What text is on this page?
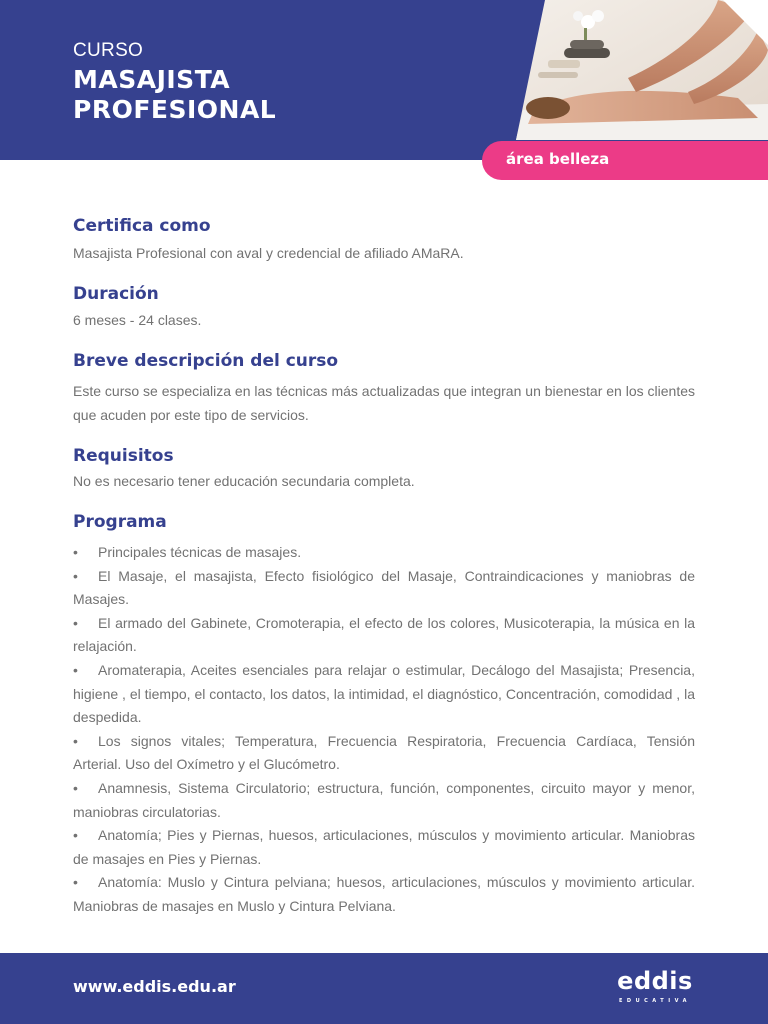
CURSO
MASAJISTA
PROFESIONAL
área belleza
Certifica como
Masajista Profesional con aval y credencial de afiliado AMaRA.
Duración
6 meses - 24 clases.
Breve descripción del curso
Este curso se especializa en las técnicas más actualizadas que integran un bienestar en los clientes que acuden por este tipo de servicios.
Requisitos
No es necesario tener educación secundaria completa.
Programa
• Principales técnicas de masajes.
• El Masaje, el masajista, Efecto fisiológico del Masaje, Contraindicaciones y maniobras de Masajes.
• El armado del Gabinete, Cromoterapia, el efecto de los colores, Musicoterapia, la música en la relajación.
• Aromaterapia, Aceites esenciales para relajar o estimular, Decálogo del Masajista; Presencia, higiene , el tiempo, el contacto, los datos, la intimidad, el diagnóstico, Concentración, comodidad , la despedida.
• Los signos vitales; Temperatura, Frecuencia Respiratoria, Frecuencia Cardíaca, Tensión Arterial. Uso del Oxímetro y el Glucómetro.
• Anamnesis, Sistema Circulatorio; estructura, función, componentes, circuito mayor y menor, maniobras circulatorias.
• Anatomía; Pies y Piernas, huesos, articulaciones, músculos y movimiento articular. Maniobras de masajes en Pies y Piernas.
• Anatomía: Muslo y Cintura pelviana; huesos, articulaciones, músculos y movimiento articular. Maniobras de masajes en Muslo y Cintura Pelviana.
www.eddis.edu.ar	eddis
EDUCATIVA
